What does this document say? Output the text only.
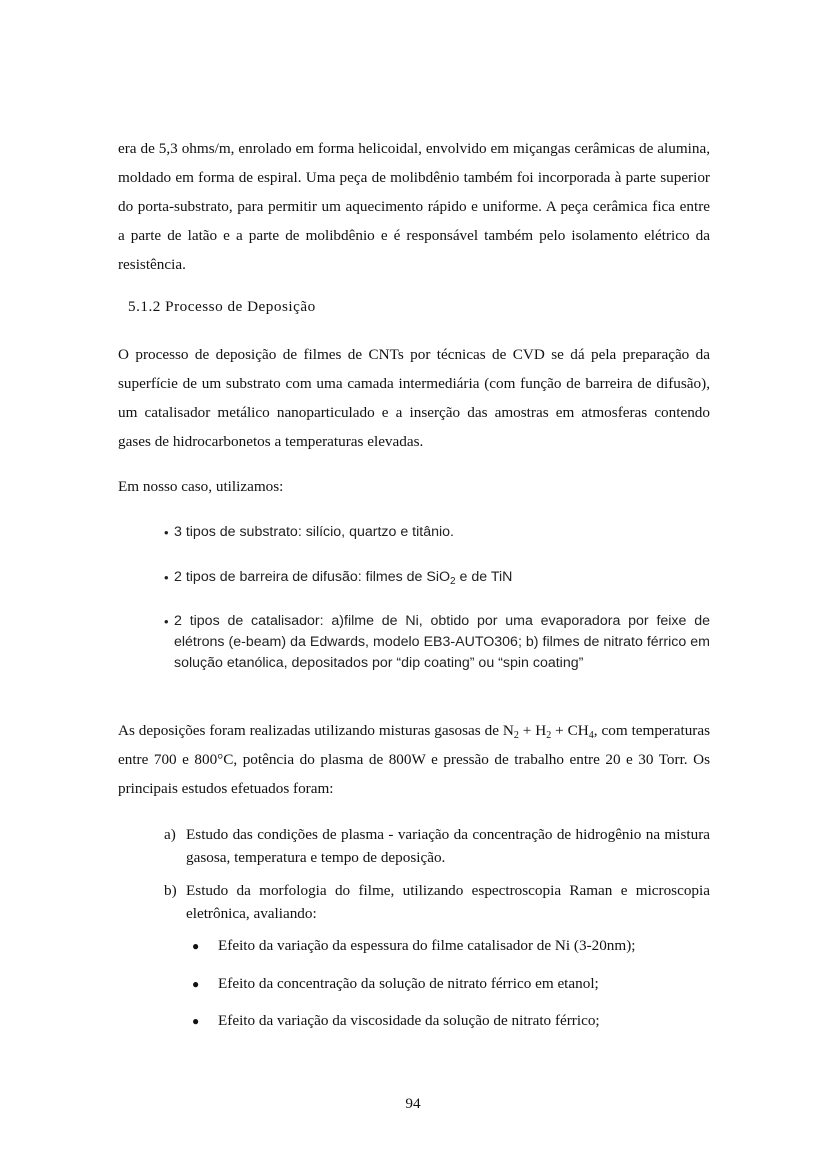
era de 5,3 ohms/m, enrolado em forma helicoidal, envolvido em miçangas cerâmicas de alumina, moldado em forma de espiral. Uma peça de molibdênio também foi incorporada à parte superior do porta-substrato, para permitir um aquecimento rápido e uniforme. A peça cerâmica fica entre a parte de latão e a parte de molibdênio e é responsável também pelo isolamento elétrico da resistência.

5.1.2 Processo de Deposição

O processo de deposição de filmes de CNTs por técnicas de CVD se dá pela preparação da superfície de um substrato com uma camada intermediária (com função de barreira de difusão), um catalisador metálico nanoparticulado e a inserção das amostras em atmosferas contendo gases de hidrocarbonetos a temperaturas elevadas.

Em nosso caso, utilizamos:

• 3 tipos de substrato: silício, quartzo e titânio.
• 2 tipos de barreira de difusão: filmes de SiO$_2$ e de TiN
• 2 tipos de catalisador: a)filme de Ni, obtido por uma evaporadora por feixe de elétrons (e-beam) da Edwards, modelo EB3-AUTO306; b) filmes de nitrato férrico em solução etanólica, depositados por “dip coating” ou “spin coating”

As deposições foram realizadas utilizando misturas gasosas de $N_2 + H_2 + CH_4$, com temperaturas entre 700 e 800°C, potência do plasma de 800W e pressão de trabalho entre 20 e 30 Torr. Os principais estudos efetuados foram:

a) Estudo das condições de plasma - variação da concentração de hidrogênio na mistura gasosa, temperatura e tempo de deposição.
b) Estudo da morfologia do filme, utilizando espectroscopia Raman e microscopia eletrônica, avaliando:
● Efeito da variação da espessura do filme catalisador de Ni (3-20nm);
● Efeito da concentração da solução de nitrato férrico em etanol;
● Efeito da variação da viscosidade da solução de nitrato férrico;
94
